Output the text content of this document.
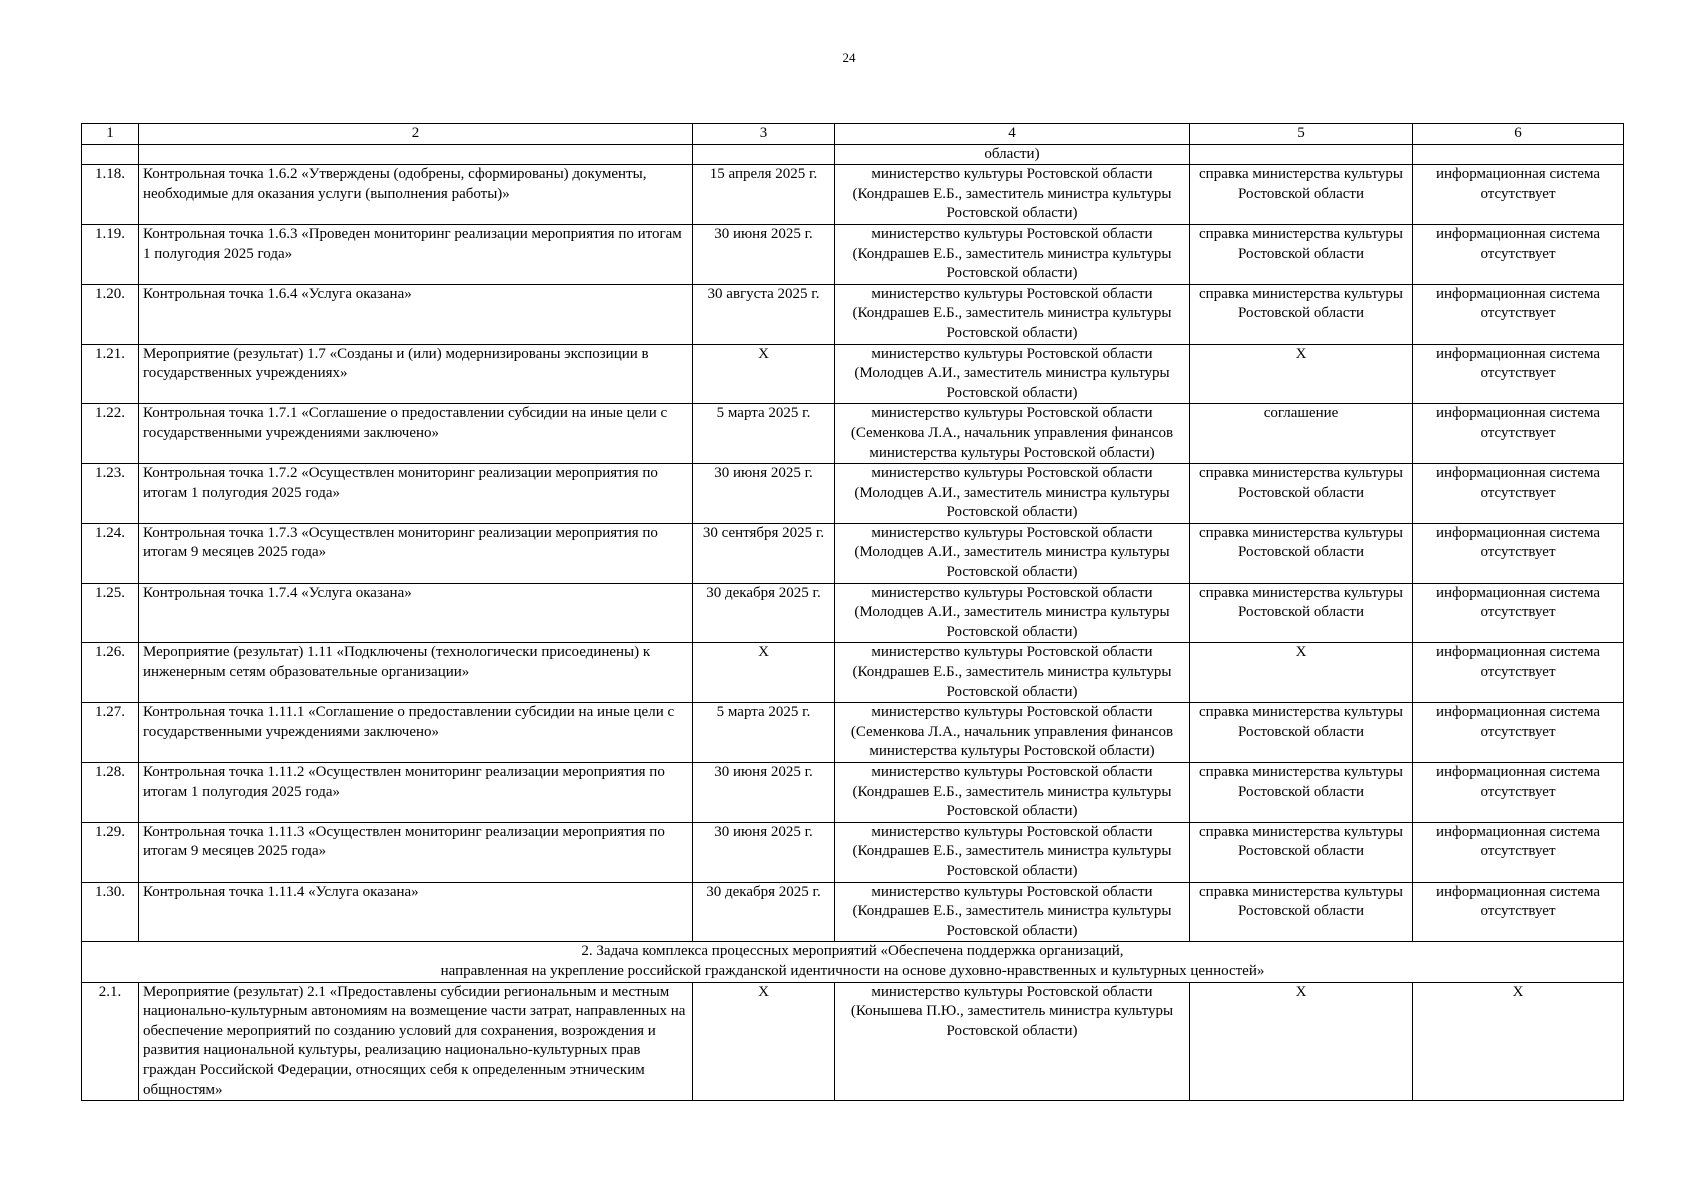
24
1	2	3	4	5	6
			области)		
1.18.	Контрольная точка 1.6.2 «Утверждены (одобрены, сформированы) документы, необходимые для оказания услуги (выполнения работы)»	15 апреля 2025 г.	министерство культуры Ростовской области (Кондрашев Е.Б., заместитель министра культуры Ростовской области)	справка министерства культуры Ростовской области	информационная система отсутствует
1.19.	Контрольная точка 1.6.3 «Проведен мониторинг реализации мероприятия по итогам 1 полугодия 2025 года»	30 июня 2025 г.	министерство культуры Ростовской области (Кондрашев Е.Б., заместитель министра культуры Ростовской области)	справка министерства культуры Ростовской области	информационная система отсутствует
1.20.	Контрольная точка 1.6.4 «Услуга оказана»	30 августа 2025 г.	министерство культуры Ростовской области (Кондрашев Е.Б., заместитель министра культуры Ростовской области)	справка министерства культуры Ростовской области	информационная система отсутствует
1.21.	Мероприятие (результат) 1.7 «Созданы и (или) модернизированы экспозиции в государственных учреждениях»	Х	министерство культуры Ростовской области (Молодцев А.И., заместитель министра культуры Ростовской области)	Х	информационная система отсутствует
1.22.	Контрольная точка 1.7.1 «Соглашение о предоставлении субсидии на иные цели с государственными учреждениями заключено»	5 марта 2025 г.	министерство культуры Ростовской области (Семенкова Л.А., начальник управления финансов министерства культуры Ростовской области)	соглашение	информационная система отсутствует
1.23.	Контрольная точка 1.7.2 «Осуществлен мониторинг реализации мероприятия по итогам 1 полугодия 2025 года»	30 июня 2025 г.	министерство культуры Ростовской области (Молодцев А.И., заместитель министра культуры Ростовской области)	справка министерства культуры Ростовской области	информационная система отсутствует
1.24.	Контрольная точка 1.7.3 «Осуществлен мониторинг реализации мероприятия по итогам 9 месяцев 2025 года»	30 сентября 2025 г.	министерство культуры Ростовской области (Молодцев А.И., заместитель министра культуры Ростовской области)	справка министерства культуры Ростовской области	информационная система отсутствует
1.25.	Контрольная точка 1.7.4 «Услуга оказана»	30 декабря 2025 г.	министерство культуры Ростовской области (Молодцев А.И., заместитель министра культуры Ростовской области)	справка министерства культуры Ростовской области	информационная система отсутствует
1.26.	Мероприятие (результат) 1.11 «Подключены (технологически присоединены) к инженерным сетям образовательные организации»	Х	министерство культуры Ростовской области (Кондрашев Е.Б., заместитель министра культуры Ростовской области)	Х	информационная система отсутствует
1.27.	Контрольная точка 1.11.1 «Соглашение о предоставлении субсидии на иные цели с государственными учреждениями заключено»	5 марта 2025 г.	министерство культуры Ростовской области (Семенкова Л.А., начальник управления финансов министерства культуры Ростовской области)	справка министерства культуры Ростовской области	информационная система отсутствует
1.28.	Контрольная точка 1.11.2 «Осуществлен мониторинг реализации мероприятия по итогам 1 полугодия 2025 года»	30 июня 2025 г.	министерство культуры Ростовской области (Кондрашев Е.Б., заместитель министра культуры Ростовской области)	справка министерства культуры Ростовской области	информационная система отсутствует
1.29.	Контрольная точка 1.11.3 «Осуществлен мониторинг реализации мероприятия по итогам 9 месяцев 2025 года»	30 июня 2025 г.	министерство культуры Ростовской области (Кондрашев Е.Б., заместитель министра культуры Ростовской области)	справка министерства культуры Ростовской области	информационная система отсутствует
1.30.	Контрольная точка 1.11.4 «Услуга оказана»	30 декабря 2025 г.	министерство культуры Ростовской области (Кондрашев Е.Б., заместитель министра культуры Ростовской области)	справка министерства культуры Ростовской области	информационная система отсутствует

2. Задача комплекса процессных мероприятий «Обеспечена поддержка организаций,
направленная на укрепление российской гражданской идентичности на основе духовно-нравственных и культурных ценностей»					

2.1.	Мероприятие (результат) 2.1 «Предоставлены субсидии региональным и местным национально-культурным автономиям на возмещение части затрат, направленных на обеспечение мероприятий по созданию условий для сохранения, возрождения и развития национальной культуры, реализацию национально-культурных прав граждан Российской Федерации, относящих себя к определенным этническим общностям»	Х	министерство культуры Ростовской области (Конышева П.Ю., заместитель министра культуры Ростовской области)	Х	Х
